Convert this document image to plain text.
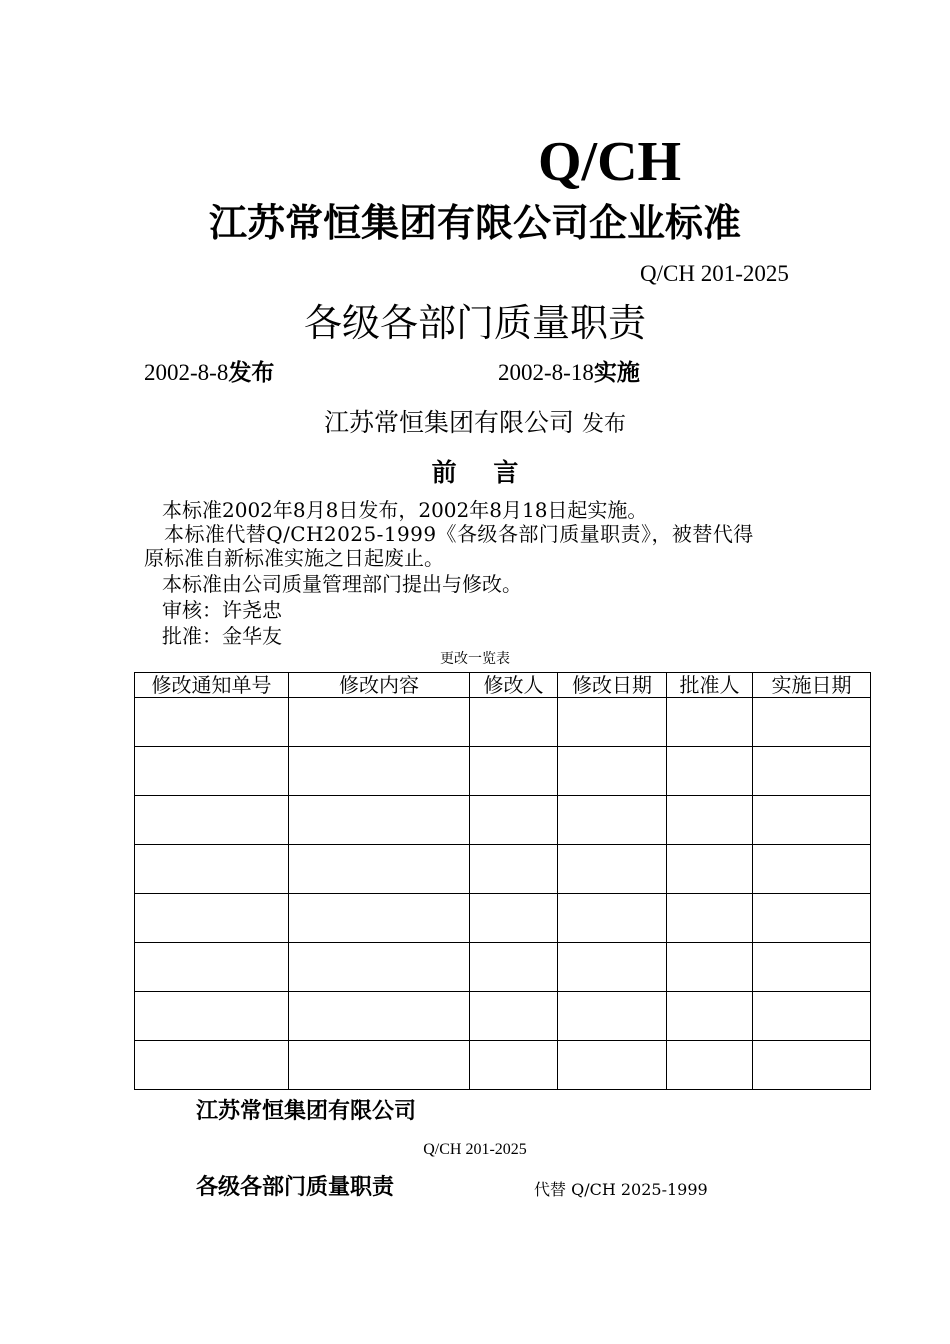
Q/CH
江苏常恒集团有限公司企业标准
Q/CH 201-2025
各级各部门质量职责
2002-8-8发布	2002-8-18实施
江苏常恒集团有限公司 发布
前 言
本标准2002年8月8日发布，2002年8月18日起实施。
本标准代替Q/CH2025-1999《各级各部门质量职责》，被替代得
原标准自新标准实施之日起废止。
本标准由公司质量管理部门提出与修改。
审核：许尧忠
批准：金华友
更改一览表
修改通知单号	修改内容	修改人	修改日期	批准人	实施日期

江苏常恒集团有限公司
Q/CH 201-2025
各级各部门质量职责	代替 Q/CH 2025-1999
